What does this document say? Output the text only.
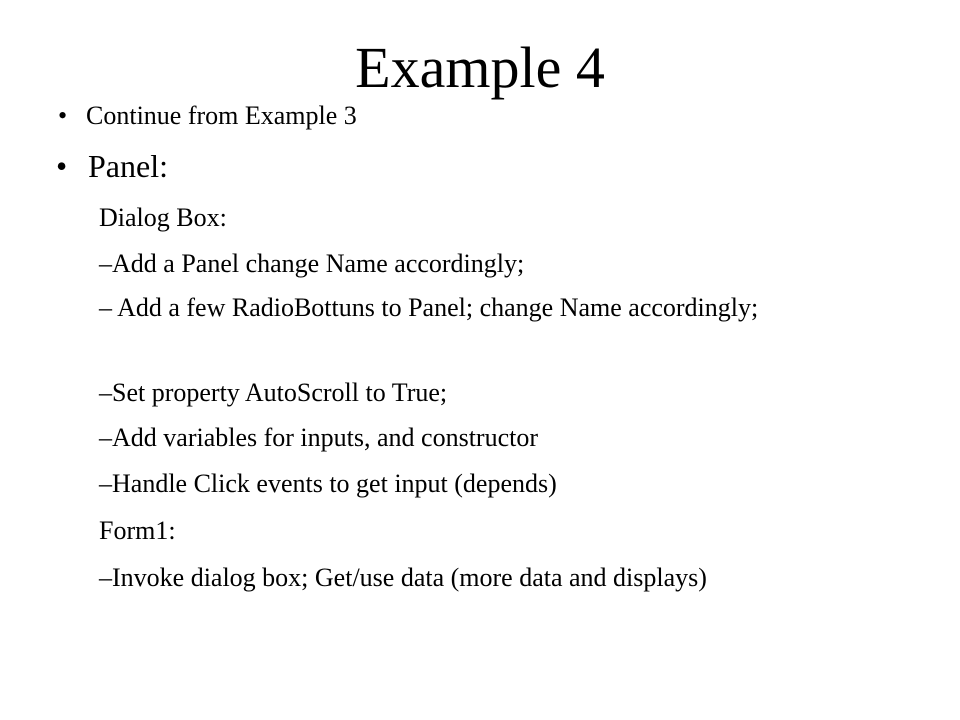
Example 4
• Continue from Example 3
• Panel:
Dialog Box:
–Add a Panel change Name accordingly;
– Add a few RadioBottuns to Panel; change Name accordingly;
–Set property AutoScroll to True;
–Add variables for inputs, and constructor
–Handle Click events to get input (depends)
Form1:
–Invoke dialog box; Get/use data (more data and displays)
